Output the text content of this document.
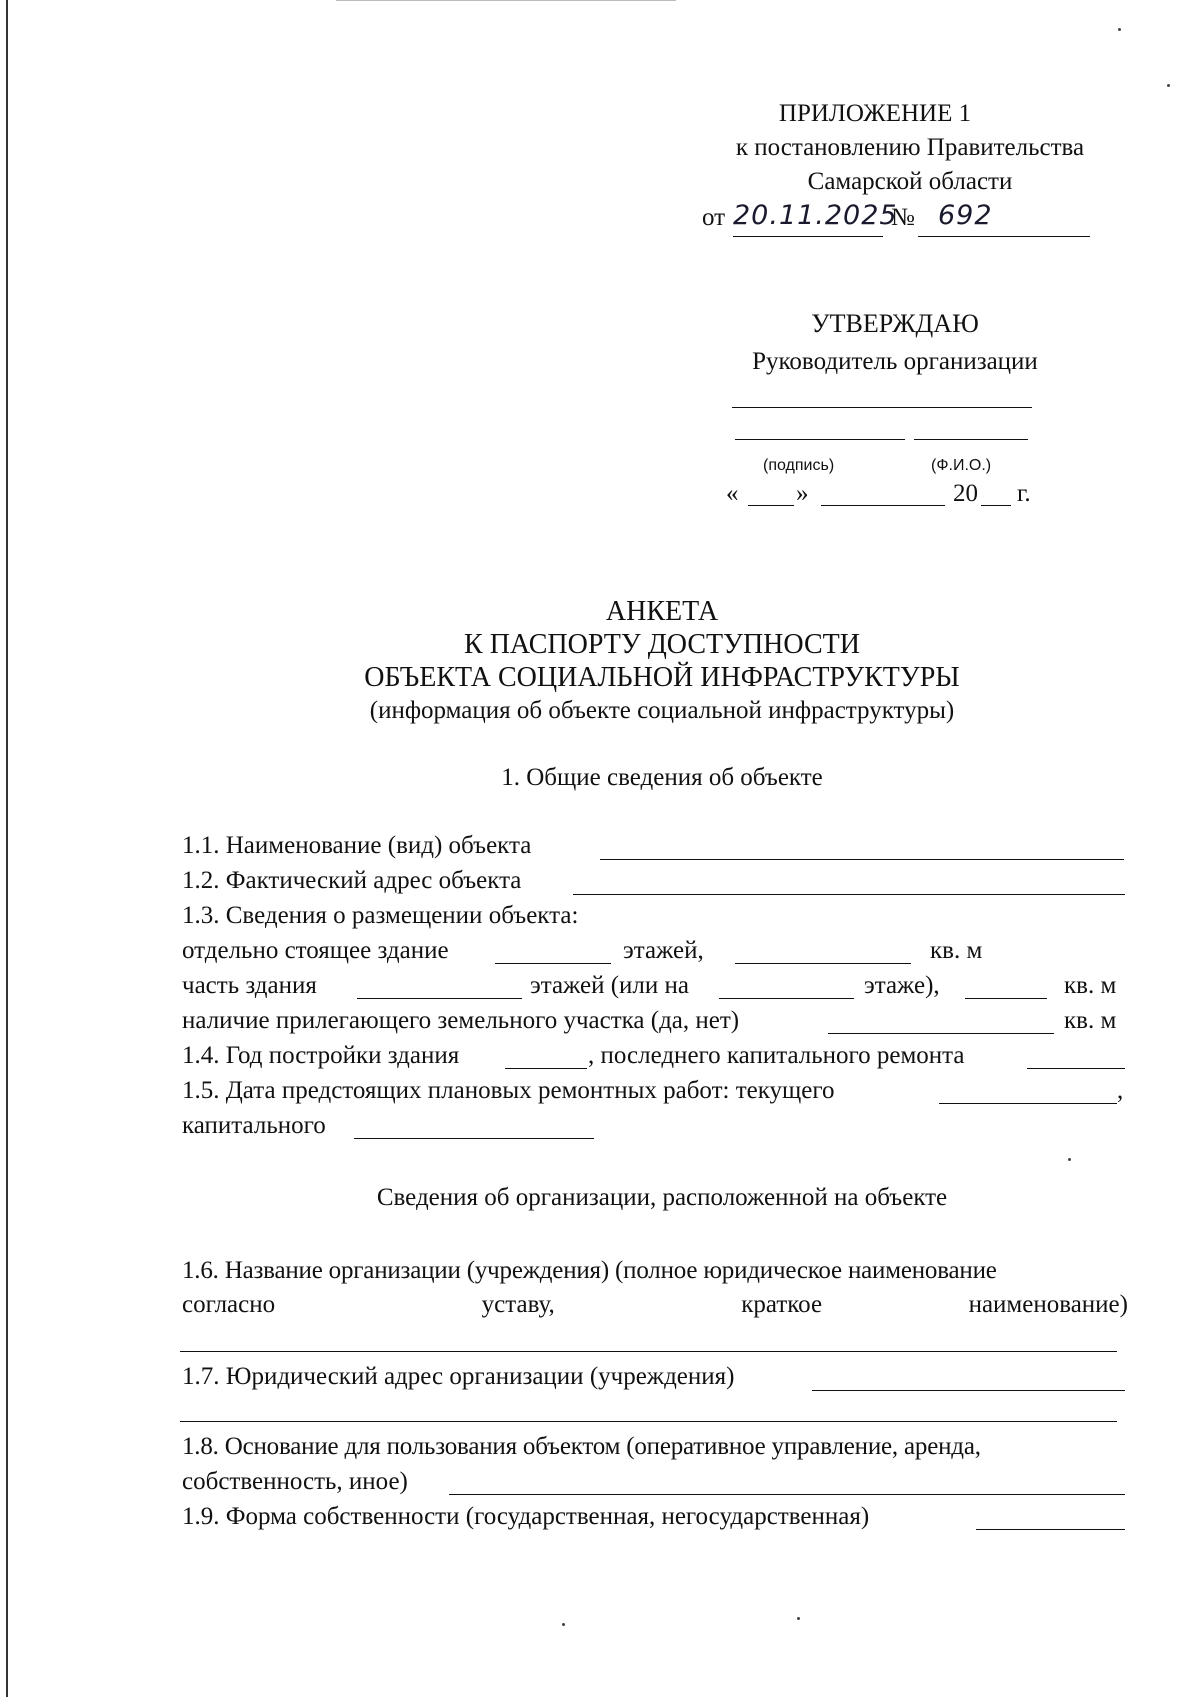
ПРИЛОЖЕНИЕ 1
к постановлению Правительства
Самарской области
от 20.11.2025
№ 692
УТВЕРЖДАЮ
Руководитель организации
(подпись)	(Ф.И.О.)
« »	20 г.
АНКЕТА
К ПАСПОРТУ ДОСТУПНОСТИ
ОБЪЕКТА СОЦИАЛЬНОЙ ИНФРАСТРУКТУРЫ
(информация об объекте социальной инфраструктуры)
1. Общие сведения об объекте
1.1. Наименование (вид) объекта
1.2. Фактический адрес объекта
1.3. Сведения о размещении объекта:
отдельно стоящее здание	этажей,	кв. м
часть здания	этажей (или на	этаже),	кв. м
наличие прилегающего земельного участка (да, нет)	кв. м
1.4. Год постройки здания	, последнего капитального ремонта
1.5. Дата предстоящих плановых ремонтных работ: текущего	,
капитального
Сведения об организации, расположенной на объекте
1.6. Название организации (учреждения) (полное юридическое наименование
согласно	уставу,	краткое	наименование)
1.7. Юридический адрес организации (учреждения)
1.8. Основание для пользования объектом (оперативное управление, аренда,
собственность, иное)
1.9. Форма собственности (государственная, негосударственная)
